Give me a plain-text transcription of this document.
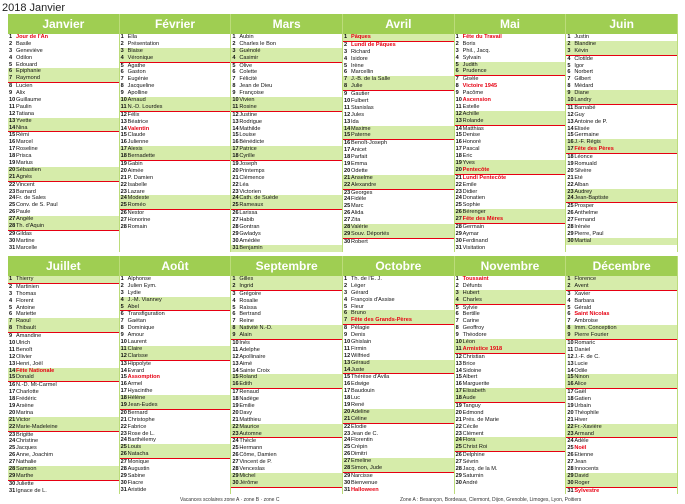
2018 Janvier
Janvier
1 Jour de l'An
2 Basile
3 Geneviève
4 Odilon
5 Edouard
6 Epiphanie
7 Raymond
8 Lucien
9 Alix
10Guillaume
11Paulin
12Tatiana
13Yvette
14Nina
15Rémi
16Marcel
17Roseline
18Prisca
19Marius
20Sébastien
21Agnès
22Vincent
23Barnard
24Fr. de Sales
25Conv. de S. Paul
26Paule
27Angèle
28Th. d'Aquin
29Gildas
30Martine
31Marcelle
Février
1 Ella
2 Présentation
3 Blaise
4 Véronique
5 Agathe
6 Gaston
7 Eugénie
8 Jacqueline
9 Apolline
10Arnaud
11N.-D. Lourdes
12Félix
13Béatrice
14Valentin
15Claude
16Julienne
17Alexis
18Bernadette
19Gabin
20Aimée
21P. Damien
22Isabelle
23Lazare
24Modeste
25Roméo
26Nestor
27Honorine
28Romain
Mars
1 Aubin
2 Charles le Bon
3 Guénolé
4 Casimir
5 Olive
6 Colette
7 Félicité
8 Jean de Dieu
9 Françoise
10Vivien
11Rosine
12Justine
13Rodrigue
14Mathilde
15Louise
16Bénédicte
17Patrice
18Cyrille
19Joseph
20Printemps
21Clémence
22Léa
23Victorien
24Cath. de Suède
25Rameaux
26Larissa
27Habib
28Gontran
29Gwladys
30Amédée
31Benjamin
Avril
1 Pâques
2 Lundi de Pâques
3 Richard
4 Isidore
5 Irène
6 Marcellin
7 J.-B. de la Salle
8 Julie
9 Gautier
10Fulbert
11Stanislas
12Jules
13Ida
14Maxime
15Paterne
16Benoît-Joseph
17Anicet
18Parfait
19Emma
20Odette
21Anselme
22Alexandre
23Georges
24Fidèle
25Marc
26Alida
27Zita
28Valérie
29Souv. Déportés
30Robert
Mai
1 Fête du Travail
2 Boris
3 Phil., Jacq.
4 Sylvain
5 Judith
6 Prudence
7 Gisèle
8 Victoire 1945
9 Pacôme
10Ascension
11Estelle
12Achille
13Rolande
14Matthias
15Denise
16Honoré
17Pascal
18Eric
19Yves
20Pentecôte
21Lundi Pentecôte
22Emile
23Didier
24Donatien
25Sophie
26Bérenger
27Fête des Mères
28Germain
29Aymar
30Ferdinand
31Visitation
Juin
1 Justin
2 Blandine
3 Kévin
4 Clotilde
5 Igor
6 Norbert
7 Gilbert
8 Médard
9 Diane
10Landry
11Barnabé
12Guy
13Antoine de P.
14Elisée
15Germaine
16J.-F. Régis
17Fête des Pères
18Léonce
19Romuald
20Silvère
21Été
22Alban
23Audrey
24Jean-Baptiste
25Prosper
26Anthelme
27Fernand
28Irénée
29Pierre, Paul
30Martial
Juillet
1 Thierry
2 Martinien
3 Thomas
4 Florent
5 Antoine
6 Mariette
7 Raoul
8 Thibault
9 Amandine
10Ulrich
11Benoît
12Olivier
13Henri, Joël
14Fête Nationale
15Donald
16N.-D. Mt-Carmel
17Charlotte
18Frédéric
19Arsène
20Marina
21Victor
22Marie-Madeleine
23Brigitte
24Christine
25Jacques
26Anne, Joachim
27Nathalie
28Samson
29Marthe
30Juliette
31Ignace de L.
Août
1 Alphonse
2 Julien Eym.
3 Lydie
4 J.-M. Vianney
5 Abel
6 Transfiguration
7 Gaétan
8 Dominique
9 Amour
10Laurent
11Claire
12Clarisse
13Hippolyte
14Evrard
15Assomption
16Armel
17Hyacinthe
18Hélène
19Jean-Eudes
20Bernard
21Christophe
22Fabrice
23Rose de L.
24Barthélemy
25Louis
26Natacha
27Monique
28Augustin
29Sabine
30Fiacre
31Aristide
Septembre
1 Gilles
2 Ingrid
3 Grégoire
4 Rosalie
5 Raïssa
6 Bertrand
7 Reine
8 Nativité N.-D.
9 Alain
10Inès
11Adelphe
12Apollinaire
13Aimé
14Sainte Croix
15Roland
16Edith
17Renaud
18Nadège
19Emilie
20Davy
21Matthieu
22Maurice
23Automne
24Thècle
25Hermann
26Côme, Damien
27Vincent de P.
28Venceslas
29Michel
30Jérôme
Octobre
1 Th. de l'E. J.
2 Léger
3 Gérard
4 François d'Assise
5 Fleur
6 Bruno
7 Fête des Grands-Pères
8 Pélagie
9 Denis
10Ghislain
11Firmin
12Wilfried
13Géraud
14Juste
15Thérèse d'Avila
16Edwige
17Baudouin
18Luc
19René
20Adeline
21Céline
22Elodie
23Jean de C.
24Florentin
25Crépin
26Dimitri
27Emeline
28Simon, Jude
29Narcisse
30Bienvenue
31Halloween
Novembre
1 Toussaint
2 Défunts
3 Hubert
4 Charles
5 Sylvie
6 Bertille
7 Carine
8 Geoffroy
9 Théodore
10Léon
11Armistice 1918
12Christian
13Brice
14Sidoine
15Albert
16Marguerite
17Elisabeth
18Aude
19Tanguy
20Edmond
21Prés. de Marie
22Cécile
23Clément
24Flora
25Christ Roi
26Delphine
27Sévrin
28Jacq. de la M.
29Saturnin
30André
Décembre
1 Florence
2 Avent
3 Xavier
4 Barbara
5 Gérald
6 Saint Nicolas
7 Ambroise
8 Imm. Conception
9 Pierre Fourier
10Romaric
11Daniel
12J.-F. de C.
13Lucie
14Odile
15Ninon
16Alice
17Gaël
18Gatien
19Urbain
20Théophile
21Hiver
22Fr.-Xavière
23Armand
24Adèle
25Noël
26Etienne
27Jean
28Innocents
29David
30Roger
31Sylvestre
Vacances scolaires zone A · zone B · zone C	Zone A : Besançon, Bordeaux, Clermont, Dijon, Grenoble, Limoges, Lyon, Poitiers
